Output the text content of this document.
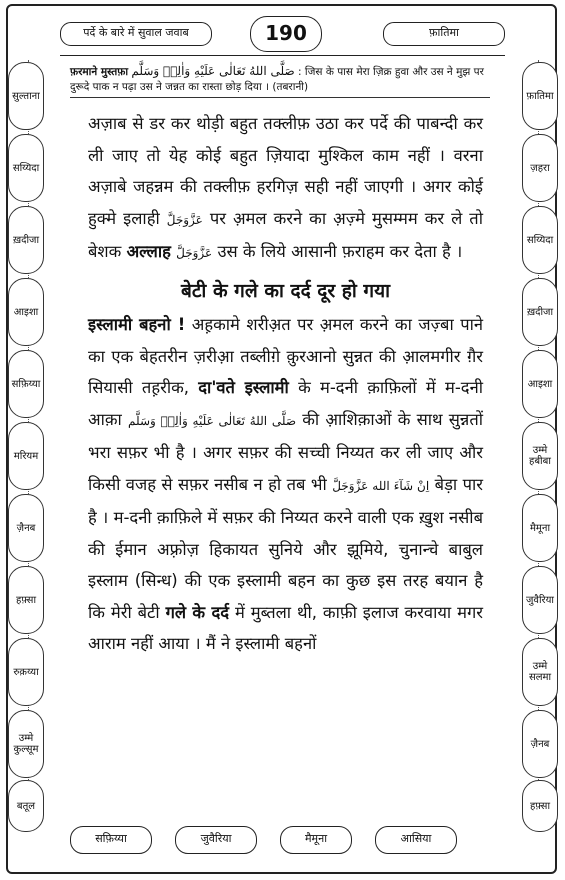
पर्दे के बारे में सुवाल जवाब	190	फ़ातिमा
फ़रमाने मुस्तफ़ा صَلَّى اللهُ تَعَالٰى عَلَيْهِ وَاٰلِهٖ وَسَلَّم : जिस के पास मेरा ज़िक्र हुवा और उस ने मुझ पर दुरूदे पाक न पढ़ा उस ने जन्नत का रास्ता छोड़ दिया । (तबरानी)
सुल्ताना
सय्यिदा
ख़दीजा
आइशा
सफ़िय्या
मरियम
ज़ैनब
हफ़्सा
रुक़य्या
उम्मे कुल्सूम
बतूल
फ़ातिमा
ज़हरा
सय्यिदा
ख़दीजा
आइशा
उम्मे हबीबा
मैमूना
जुवैरिया
उम्मे सलमा
ज़ैनब
हफ़्सा
सफ़िय्या	जुवैरिया	मैमूना	आसिया

अज़ाब से डर कर थोड़ी बहुत तक्लीफ़ उठा कर पर्दे की पाबन्दी कर ली जाए तो येह कोई बहुत ज़ियादा मुश्किल काम नहीं । वरना अज़ाबे जहन्नम की तक्लीफ़ हरगिज़ सही नहीं जाएगी । अगर कोई हुक्मे इलाही عَزَّوَجَلَّ पर अ़मल करने का अ़ज़्मे मुसम्मम कर ले तो बेशक अल्लाह عَزَّوَجَلَّ उस के लिये आसानी फ़राहम कर देता है ।

बेटी के गले का दर्द दूर हो गया

इस्लामी बहनो ! अह़कामे शरीअ़त पर अ़मल करने का जज़्बा पाने का एक बेहतरीन ज़रीआ़ तब्लीग़े क़ुरआनो सुन्नत की आ़लमगीर ग़ैर सियासी तह़रीक, दा'वते इस्लामी के म-दनी क़ाफ़िलों में म-दनी आक़ा صَلَّى اللهُ تَعَالٰى عَلَيْهِ وَاٰلِهٖ وَسَلَّم की आ़शिक़ाओं के साथ सुन्नतों भरा सफ़र भी है । अगर सफ़र की सच्ची निय्यत कर ली जाए और किसी वजह से सफ़र नसीब न हो तब भी اِنْ شَآءَ الله عَزَّوَجَلَّ बेड़ा पार है । म-दनी क़ाफ़िले में सफ़र की निय्यत करने वाली एक ख़ुश नसीब की ईमान अफ़्रोज़ हिकायत सुनिये और झूमिये, चुनान्चे बाबुल इस्लाम (सिन्ध) की एक इस्लामी बहन का कुछ इस तरह बयान है कि मेरी बेटी गले के दर्द में मुब्तला थी, काफ़ी इलाज करवाया मगर आराम नहीं आया । मैं ने इस्लामी बहनों
